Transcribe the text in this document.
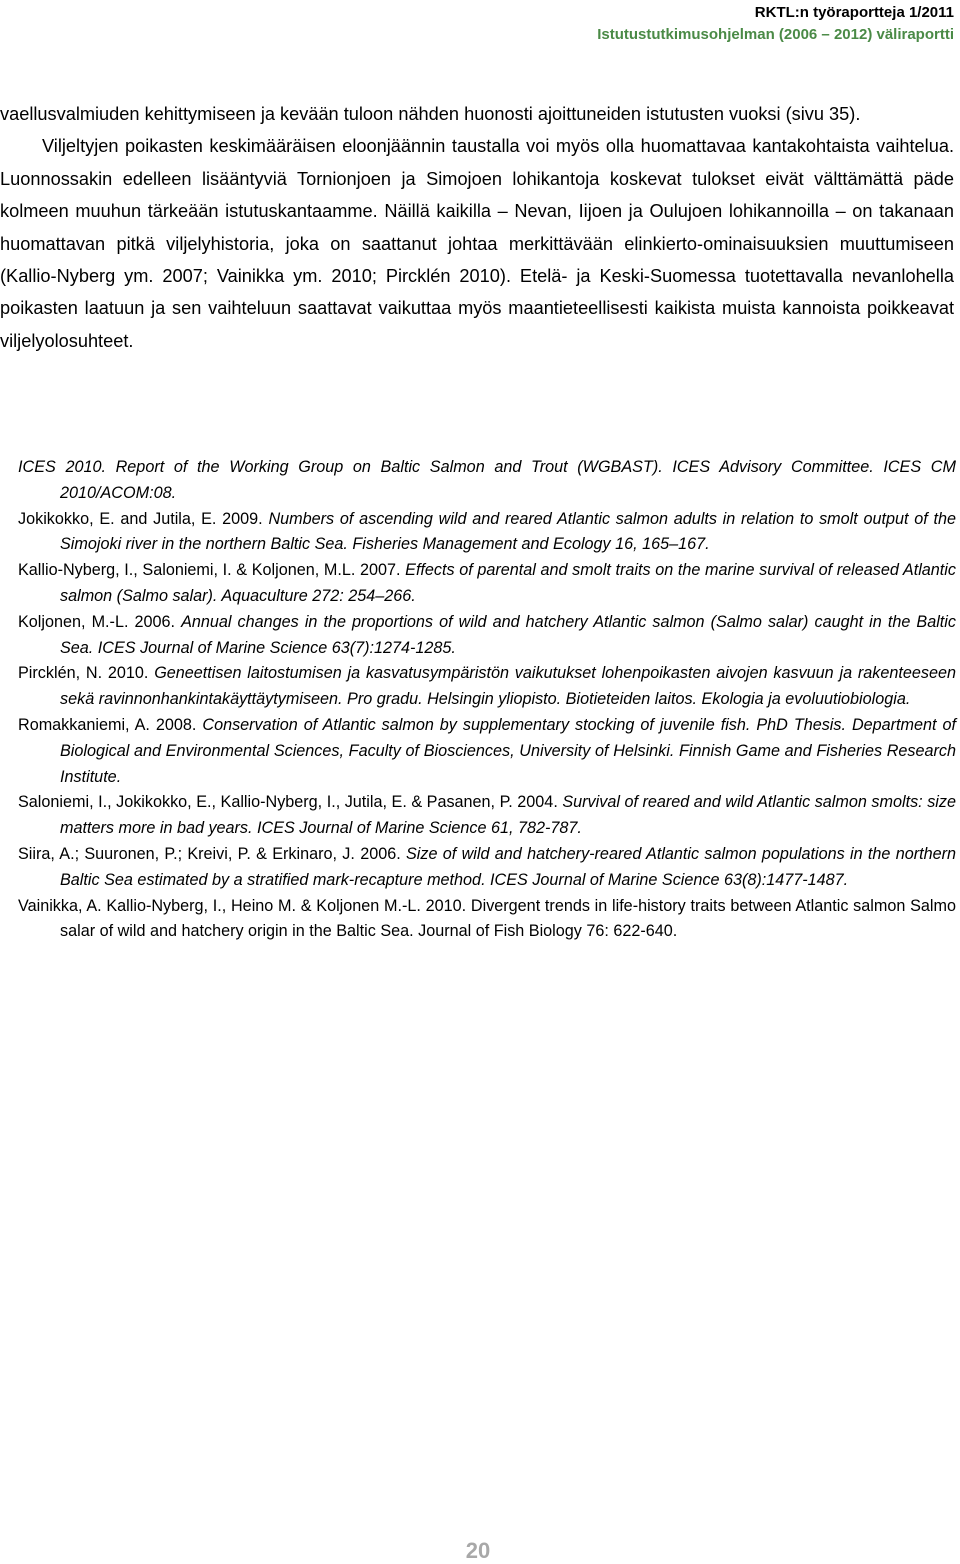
RKTL:n työraportteja 1/2011
Istutustutkimusohjelman (2006 – 2012) väliraportti

vaellusvalmiuden kehittymiseen ja kevään tuloon nähden huonosti ajoittuneiden istutusten vuoksi (sivu 35).

Viljeltyjen poikasten keskimääräisen eloonjäännin taustalla voi myös olla huomattavaa kantakohtaista vaihtelua. Luonnossakin edelleen lisääntyviä Tornionjoen ja Simojoen lohikantoja koskevat tulokset eivät välttämättä päde kolmeen muuhun tärkeään istutuskantaamme. Näillä kaikilla – Nevan, Iijoen ja Oulujoen lohikannoilla – on takanaan huomattavan pitkä viljelyhistoria, joka on saattanut johtaa merkittävään elinkierto-ominaisuuksien muuttumiseen (Kallio-Nyberg ym. 2007; Vainikka ym. 2010; Pircklén 2010). Etelä- ja Keski-Suomessa tuotettavalla nevanlohella poikasten laatuun ja sen vaihteluun saattavat vaikuttaa myös maantieteellisesti kaikista muista kannoista poikkeavat viljelyolosuhteet.

ICES 2010. Report of the Working Group on Baltic Salmon and Trout (WGBAST). ICES Advisory Committee. ICES CM 2010/ACOM:08.

Jokikokko, E. and Jutila, E. 2009. Numbers of ascending wild and reared Atlantic salmon adults in relation to smolt output of the Simojoki river in the northern Baltic Sea. Fisheries Management and Ecology 16, 165–167.

Kallio-Nyberg, I., Saloniemi, I. & Koljonen, M.L. 2007. Effects of parental and smolt traits on the marine survival of released Atlantic salmon (Salmo salar). Aquaculture 272: 254–266.

Koljonen, M.-L. 2006. Annual changes in the proportions of wild and hatchery Atlantic salmon (Salmo salar) caught in the Baltic Sea. ICES Journal of Marine Science 63(7):1274-1285.

Pircklén, N. 2010. Geneettisen laitostumisen ja kasvatusympäristön vaikutukset lohenpoikasten aivojen kasvuun ja rakenteeseen sekä ravinnonhankintakäyttäytymiseen. Pro gradu. Helsingin yliopisto. Biotieteiden laitos. Ekologia ja evoluutiobiologia.

Romakkaniemi, A. 2008. Conservation of Atlantic salmon by supplementary stocking of juvenile fish. PhD Thesis. Department of Biological and Environmental Sciences, Faculty of Biosciences, University of Helsinki. Finnish Game and Fisheries Research Institute.

Saloniemi, I., Jokikokko, E., Kallio-Nyberg, I., Jutila, E. & Pasanen, P. 2004. Survival of reared and wild Atlantic salmon smolts: size matters more in bad years. ICES Journal of Marine Science 61, 782-787.

Siira, A.; Suuronen, P.; Kreivi, P. & Erkinaro, J. 2006. Size of wild and hatchery-reared Atlantic salmon populations in the northern Baltic Sea estimated by a stratified mark-recapture method. ICES Journal of Marine Science 63(8):1477-1487.

Vainikka, A. Kallio-Nyberg, I., Heino M. & Koljonen M.-L. 2010. Divergent trends in life-history traits between Atlantic salmon Salmo salar of wild and hatchery origin in the Baltic Sea. Journal of Fish Biology 76: 622-640.

20
